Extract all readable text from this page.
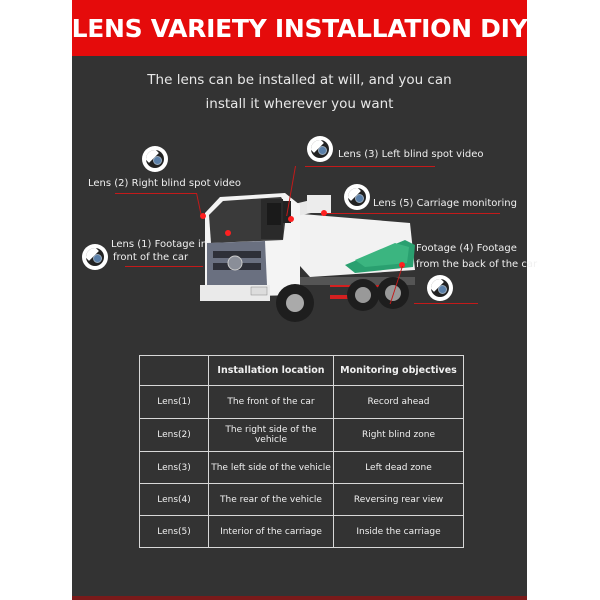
LENS VARIETY INSTALLATION DIY
The lens can be installed at will, and you can
install it wherever you want
Lens (2) Right blind spot video
Lens (1) Footage in
front of the car
Lens (3) Left blind spot video
Lens (5) Carriage monitoring
Footage (4) Footage
from the back of the car
	Installation location	Monitoring objectives
Lens(1)	The front of the car	Record ahead
Lens(2)	The right side of the vehicle	Right blind zone
Lens(3)	The left side of the vehicle	Left dead zone
Lens(4)	The rear of the vehicle	Reversing rear view
Lens(5)	Interior of the carriage	Inside the carriage
